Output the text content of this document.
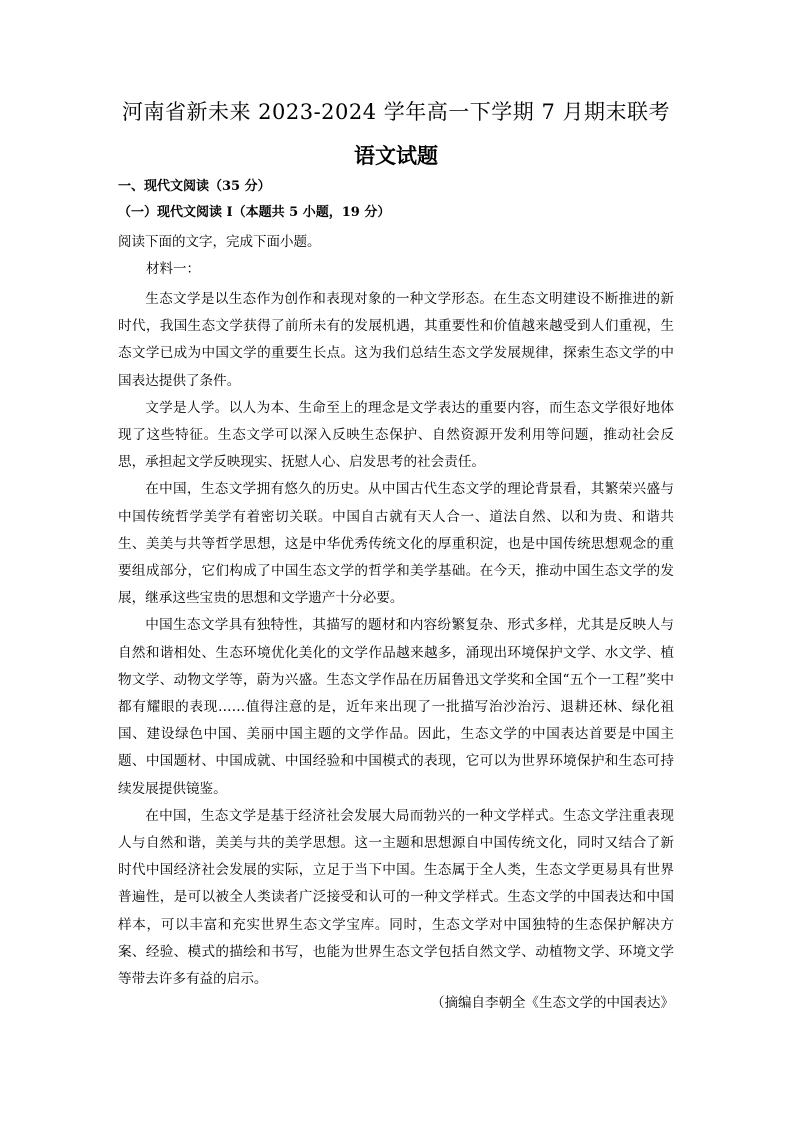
河南省新未来 2023-2024 学年高一下学期 7 月期末联考
语文试题

一、现代文阅读（35 分）

（一）现代文阅读 I（本题共 5 小题，19 分）

阅读下面的文字，完成下面小题。

材料一：

生态文学是以生态作为创作和表现对象的一种文学形态。在生态文明建设不断推进的新时代，我国生态文学获得了前所未有的发展机遇，其重要性和价值越来越受到人们重视，生态文学已成为中国文学的重要生长点。这为我们总结生态文学发展规律，探索生态文学的中国表达提供了条件。

文学是人学。以人为本、生命至上的理念是文学表达的重要内容，而生态文学很好地体现了这些特征。生态文学可以深入反映生态保护、自然资源开发利用等问题，推动社会反思，承担起文学反映现实、抚慰人心、启发思考的社会责任。

在中国，生态文学拥有悠久的历史。从中国古代生态文学的理论背景看，其繁荣兴盛与中国传统哲学美学有着密切关联。中国自古就有天人合一、道法自然、以和为贵、和谐共生、美美与共等哲学思想，这是中华优秀传统文化的厚重积淀，也是中国传统思想观念的重要组成部分，它们构成了中国生态文学的哲学和美学基础。在今天，推动中国生态文学的发展，继承这些宝贵的思想和文学遗产十分必要。

中国生态文学具有独特性，其描写的题材和内容纷繁复杂、形式多样，尤其是反映人与自然和谐相处、生态环境优化美化的文学作品越来越多，涌现出环境保护文学、水文学、植物文学、动物文学等，蔚为兴盛。生态文学作品在历届鲁迅文学奖和全国“五个一工程”奖中都有耀眼的表现……值得注意的是，近年来出现了一批描写治沙治污、退耕还林、绿化祖国、建设绿色中国、美丽中国主题的文学作品。因此，生态文学的中国表达首要是中国主题、中国题材、中国成就、中国经验和中国模式的表现，它可以为世界环境保护和生态可持续发展提供镜鉴。

在中国，生态文学是基于经济社会发展大局而勃兴的一种文学样式。生态文学注重表现人与自然和谐，美美与共的美学思想。这一主题和思想源自中国传统文化，同时又结合了新时代中国经济社会发展的实际，立足于当下中国。生态属于全人类，生态文学更易具有世界普遍性，是可以被全人类读者广泛接受和认可的一种文学样式。生态文学的中国表达和中国样本，可以丰富和充实世界生态文学宝库。同时，生态文学对中国独特的生态保护解决方案、经验、模式的描绘和书写，也能为世界生态文学包括自然文学、动植物文学、环境文学等带去许多有益的启示。

（摘编自李朝全《生态文学的中国表达》
